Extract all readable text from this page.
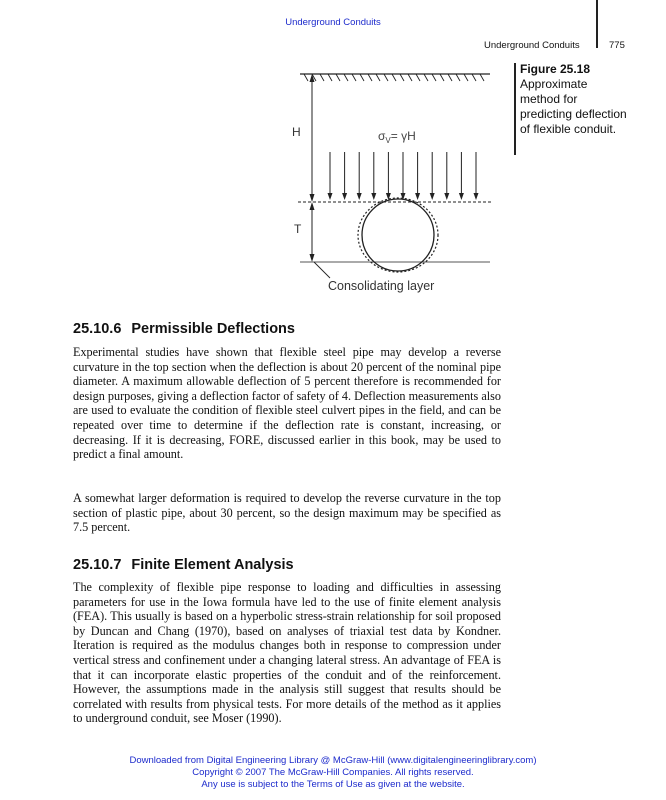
Underground Conduits
Underground Conduits	775
Figure 25.18
Approximate method for predicting deflection of flexible conduit.
H	$\sigma_V= \gamma H$
T
Consolidating layer
25.10.6 Permissible Deflections

Experimental studies have shown that flexible steel pipe may develop a reverse curvature in the top section when the deflection is about 20 percent of the nominal pipe diameter. A maximum allowable deflection of 5 percent therefore is recommended for design purposes, giving a deflection factor of safety of 4. Deflection measurements also are used to evaluate the condition of flexible steel culvert pipes in the field, and can be repeated over time to determine if the deflection rate is constant, increasing, or decreasing. If it is decreasing, FORE, discussed earlier in this book, may be used to predict a final amount.

A somewhat larger deformation is required to develop the reverse curvature in the top section of plastic pipe, about 30 percent, so the design maximum may be specified as 7.5 percent.

25.10.7 Finite Element Analysis

The complexity of flexible pipe response to loading and difficulties in assessing parameters for use in the Iowa formula have led to the use of finite element analysis (FEA). This usually is based on a hyperbolic stress-strain relationship for soil proposed by Duncan and Chang (1970), based on analyses of triaxial test data by Kondner. Iteration is required as the modulus changes both in response to compression under vertical stress and confinement under a changing lateral stress. An advantage of FEA is that it can incorporate elastic properties of the conduit and of the reinforcement. However, the assumptions made in the analysis still suggest that results should be correlated with results from physical tests. For more details of the method as it applies to underground conduit, see Moser (1990).

Downloaded from Digital Engineering Library @ McGraw-Hill (www.digitalengineeringlibrary.com)
Copyright © 2007 The McGraw-Hill Companies. All rights reserved.
Any use is subject to the Terms of Use as given at the website.
